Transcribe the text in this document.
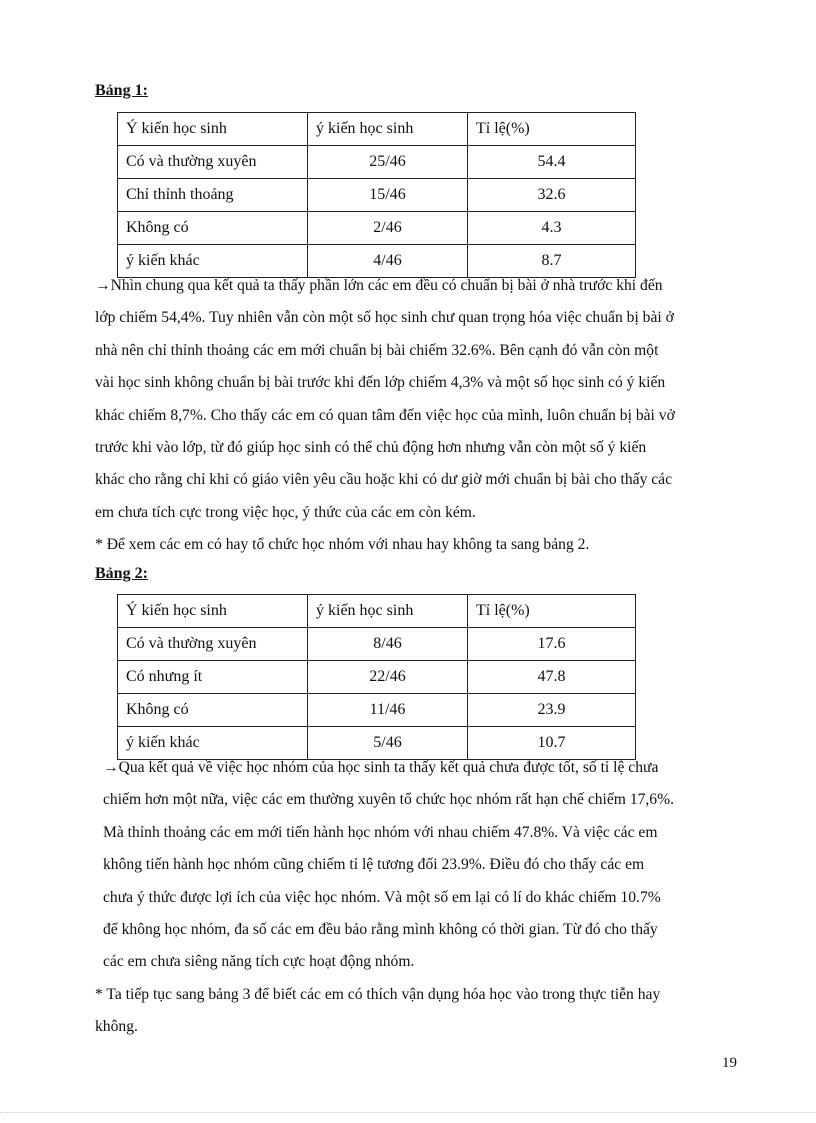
Bảng 1:
Ý kiến học sinh	ý kiến học sinh	Tỉ lệ(%)
Có và thường xuyên	25/46	54.4
Chỉ thỉnh thoảng	15/46	32.6
Không có	2/46	4.3
ý kiến khác	4/46	8.7
→Nhìn chung qua kết quả ta thấy phần lớn các em đều có chuẩn bị bài ở nhà trước khi đến
lớp chiếm 54,4%. Tuy nhiên vẫn còn một số học sinh chư quan trọng hóa việc chuẩn bị bài ở
nhà nên chỉ thỉnh thoảng các em mới chuẩn bị bài chiếm 32.6%. Bên cạnh đó vẫn còn một
vài học sinh không chuẩn bị bài trước khi đến lớp chiếm 4,3% và một số học sinh có ý kiến
khác chiếm 8,7%. Cho thấy các em có quan tâm đến việc học của mình, luôn chuẩn bị bài vở
trước khi vào lớp, từ đó giúp học sinh có thể chủ động hơn nhưng vẫn còn một số ý kiến
khác cho rằng chỉ khi có giáo viên yêu cầu hoặc khi có dư giờ mới chuẩn bị bài cho thấy các
em chưa tích cực trong việc học, ý thức của các em còn kém.
* Để xem các em có hay tổ chức học nhóm với nhau hay không ta sang bảng 2.
Bảng 2:
Ý kiến học sinh	ý kiến học sinh	Tỉ lệ(%)
Có và thường xuyên	8/46	17.6
Có nhưng ít	22/46	47.8
Không có	11/46	23.9
ý kiến khác	5/46	10.7
→Qua kết quả về việc học nhóm của học sinh ta thấy kết quả chưa được tốt, số tỉ lệ chưa
chiếm hơn một nữa, việc các em thường xuyên tổ chức học nhóm rất hạn chế chiếm 17,6%.
Mà thỉnh thoảng các em mới tiến hành học nhóm với nhau chiếm 47.8%. Và việc các em
không tiến hành học nhóm cũng chiếm tỉ lệ tương đối 23.9%. Điều đó cho thấy các em
chưa ý thức được lợi ích của việc học nhóm. Và một số em lại có lí do khác chiếm 10.7%
để không học nhóm, đa số các em đều bảo rằng mình không có thời gian. Từ đó cho thấy
các em chưa siêng năng tích cực hoạt động nhóm.
* Ta tiếp tục sang bảng 3 để biết các em có thích vận dụng hóa học vào trong thực tiễn hay
không.
19
